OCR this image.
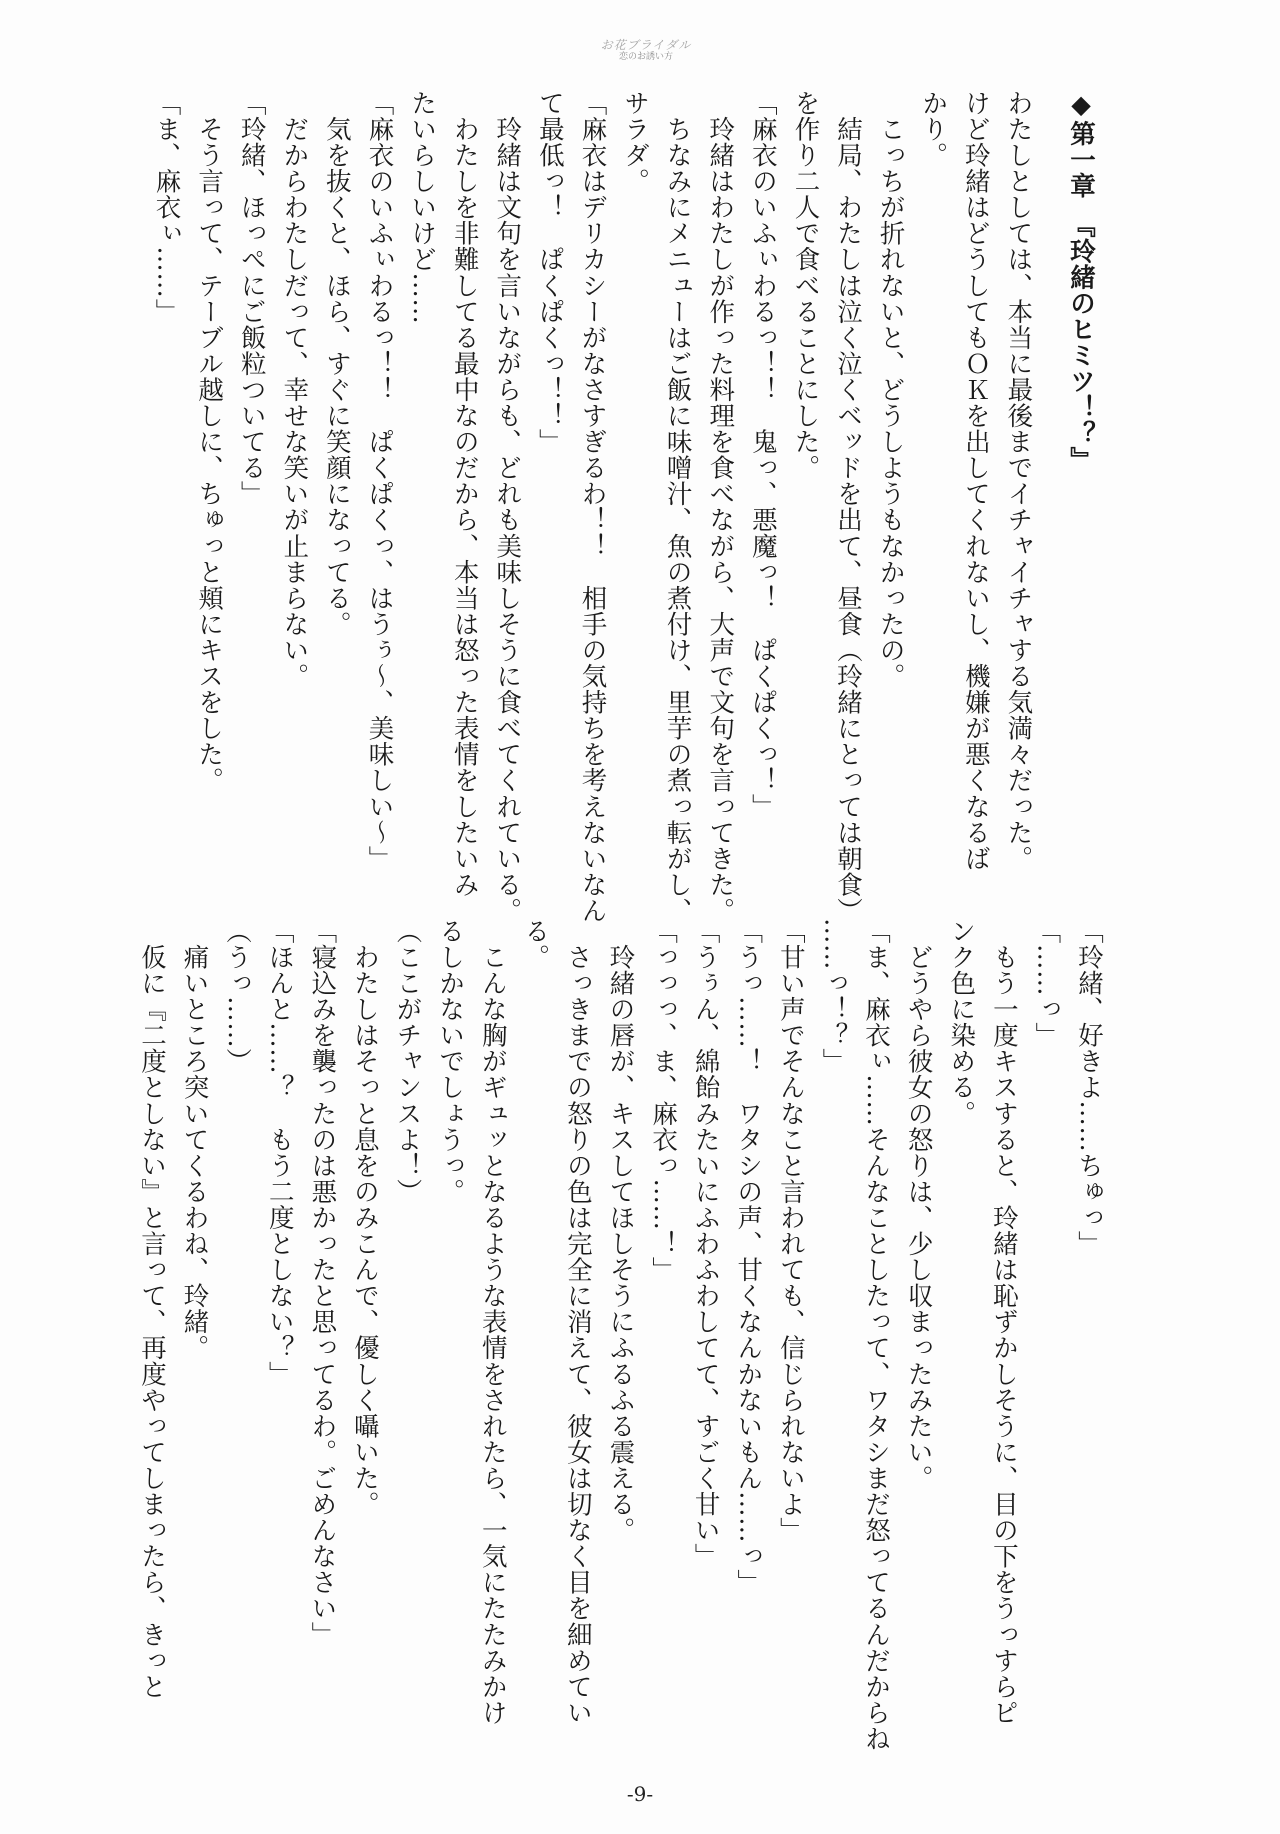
お花ブライダル
恋のお誘い方
◆第一章　『玲緒のヒミツ！？』
わたしとしては、本当に最後までイチャイチャする気満々だった。
けど玲緒はどうしてもＯＫを出してくれないし、機嫌が悪くなるば
かり。
　こっちが折れないと、どうしようもなかったの。
　結局、わたしは泣く泣くベッドを出て、昼食（玲緒にとっては朝食）
を作り二人で食べることにした。
「麻衣のいふぃわるっ！！　鬼っ、悪魔っ！　ぱくぱくっ！」
　玲緒はわたしが作った料理を食べながら、大声で文句を言ってきた。
　ちなみにメニューはご飯に味噌汁、魚の煮付け、里芋の煮っ転がし、
サラダ。
「麻衣はデリカシーがなさすぎるわ！！　相手の気持ちを考えないなん
て最低っ！　ぱくぱくっ！！」
　玲緒は文句を言いながらも、どれも美味しそうに食べてくれている。
　わたしを非難してる最中なのだから、本当は怒った表情をしたいみ
たいらしいけど……
「麻衣のいふぃわるっ！！　ぱくぱくっ、はうぅ～、美味しい～」
　気を抜くと、ほら、すぐに笑顔になってる。
　だからわたしだって、幸せな笑いが止まらない。
「玲緒、ほっぺにご飯粒ついてる」
　そう言って、テーブル越しに、ちゅっと頬にキスをした。
「ま、麻衣ぃ……」
「玲緒、好きよ……ちゅっ」
「……っ」
　もう一度キスすると、玲緒は恥ずかしそうに、目の下をうっすらピ
ンク色に染める。
　どうやら彼女の怒りは、少し収まったみたい。
「ま、麻衣ぃ……そんなことしたって、ワタシまだ怒ってるんだからね
……っ！？」
「甘い声でそんなこと言われても、信じられないよ」
「うっ……！　ワタシの声、甘くなんかないもん……っ」
「うぅん、綿飴みたいにふわふわしてて、すごく甘い」
「っっっ、ま、麻衣っ……！」
　玲緒の唇が、キスしてほしそうにふるふる震える。
　さっきまでの怒りの色は完全に消えて、彼女は切なく目を細めてい
る。
　こんな胸がギュッとなるような表情をされたら、一気にたたみかけ
るしかないでしょうっ。
（ここがチャンスよ！）
　わたしはそっと息をのみこんで、優しく囁いた。
「寝込みを襲ったのは悪かったと思ってるわ。ごめんなさい」
「ほんと……？　もう二度としない？」
（うっ……）
　痛いところ突いてくるわね、玲緒。
　仮に『二度としない』と言って、再度やってしまったら、きっと
-9-
